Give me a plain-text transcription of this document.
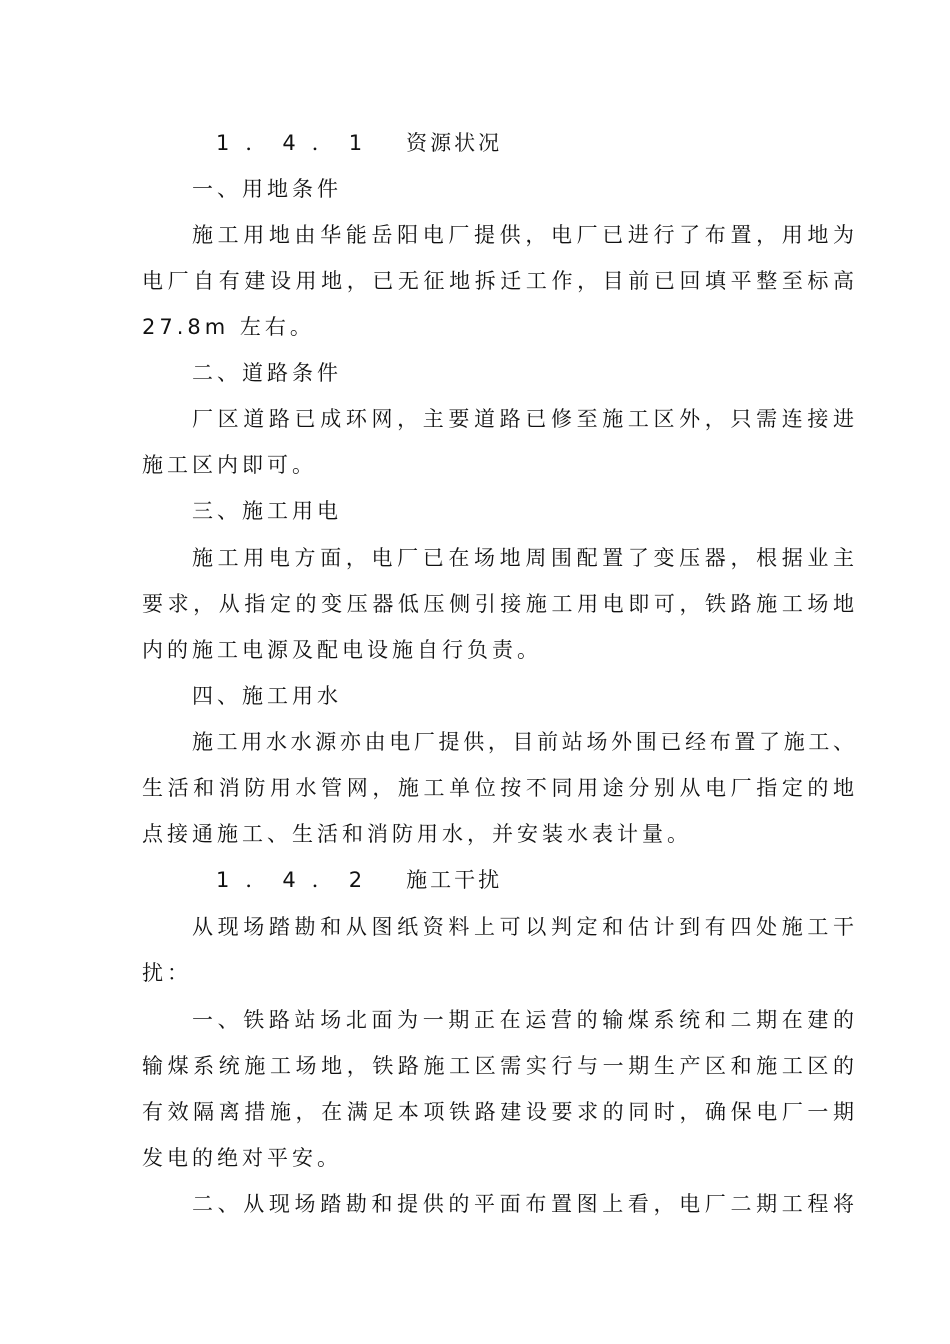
1．4．1 资源状况
一、用地条件
施工用地由华能岳阳电厂提供，电厂已进行了布置，用地为
电厂自有建设用地，已无征地拆迁工作，目前已回填平整至标高
27.8m 左右。
二、道路条件
厂区道路已成环网，主要道路已修至施工区外，只需连接进
施工区内即可。
三、施工用电
施工用电方面，电厂已在场地周围配置了变压器，根据业主
要求，从指定的变压器低压侧引接施工用电即可，铁路施工场地
内的施工电源及配电设施自行负责。
四、施工用水
施工用水水源亦由电厂提供，目前站场外围已经布置了施工、
生活和消防用水管网，施工单位按不同用途分别从电厂指定的地
点接通施工、生活和消防用水，并安装水表计量。
1．4．2 施工干扰
从现场踏勘和从图纸资料上可以判定和估计到有四处施工干
扰：
一、铁路站场北面为一期正在运营的输煤系统和二期在建的
输煤系统施工场地，铁路施工区需实行与一期生产区和施工区的
有效隔离措施，在满足本项铁路建设要求的同时，确保电厂一期
发电的绝对平安。
二、从现场踏勘和提供的平面布置图上看，电厂二期工程将
